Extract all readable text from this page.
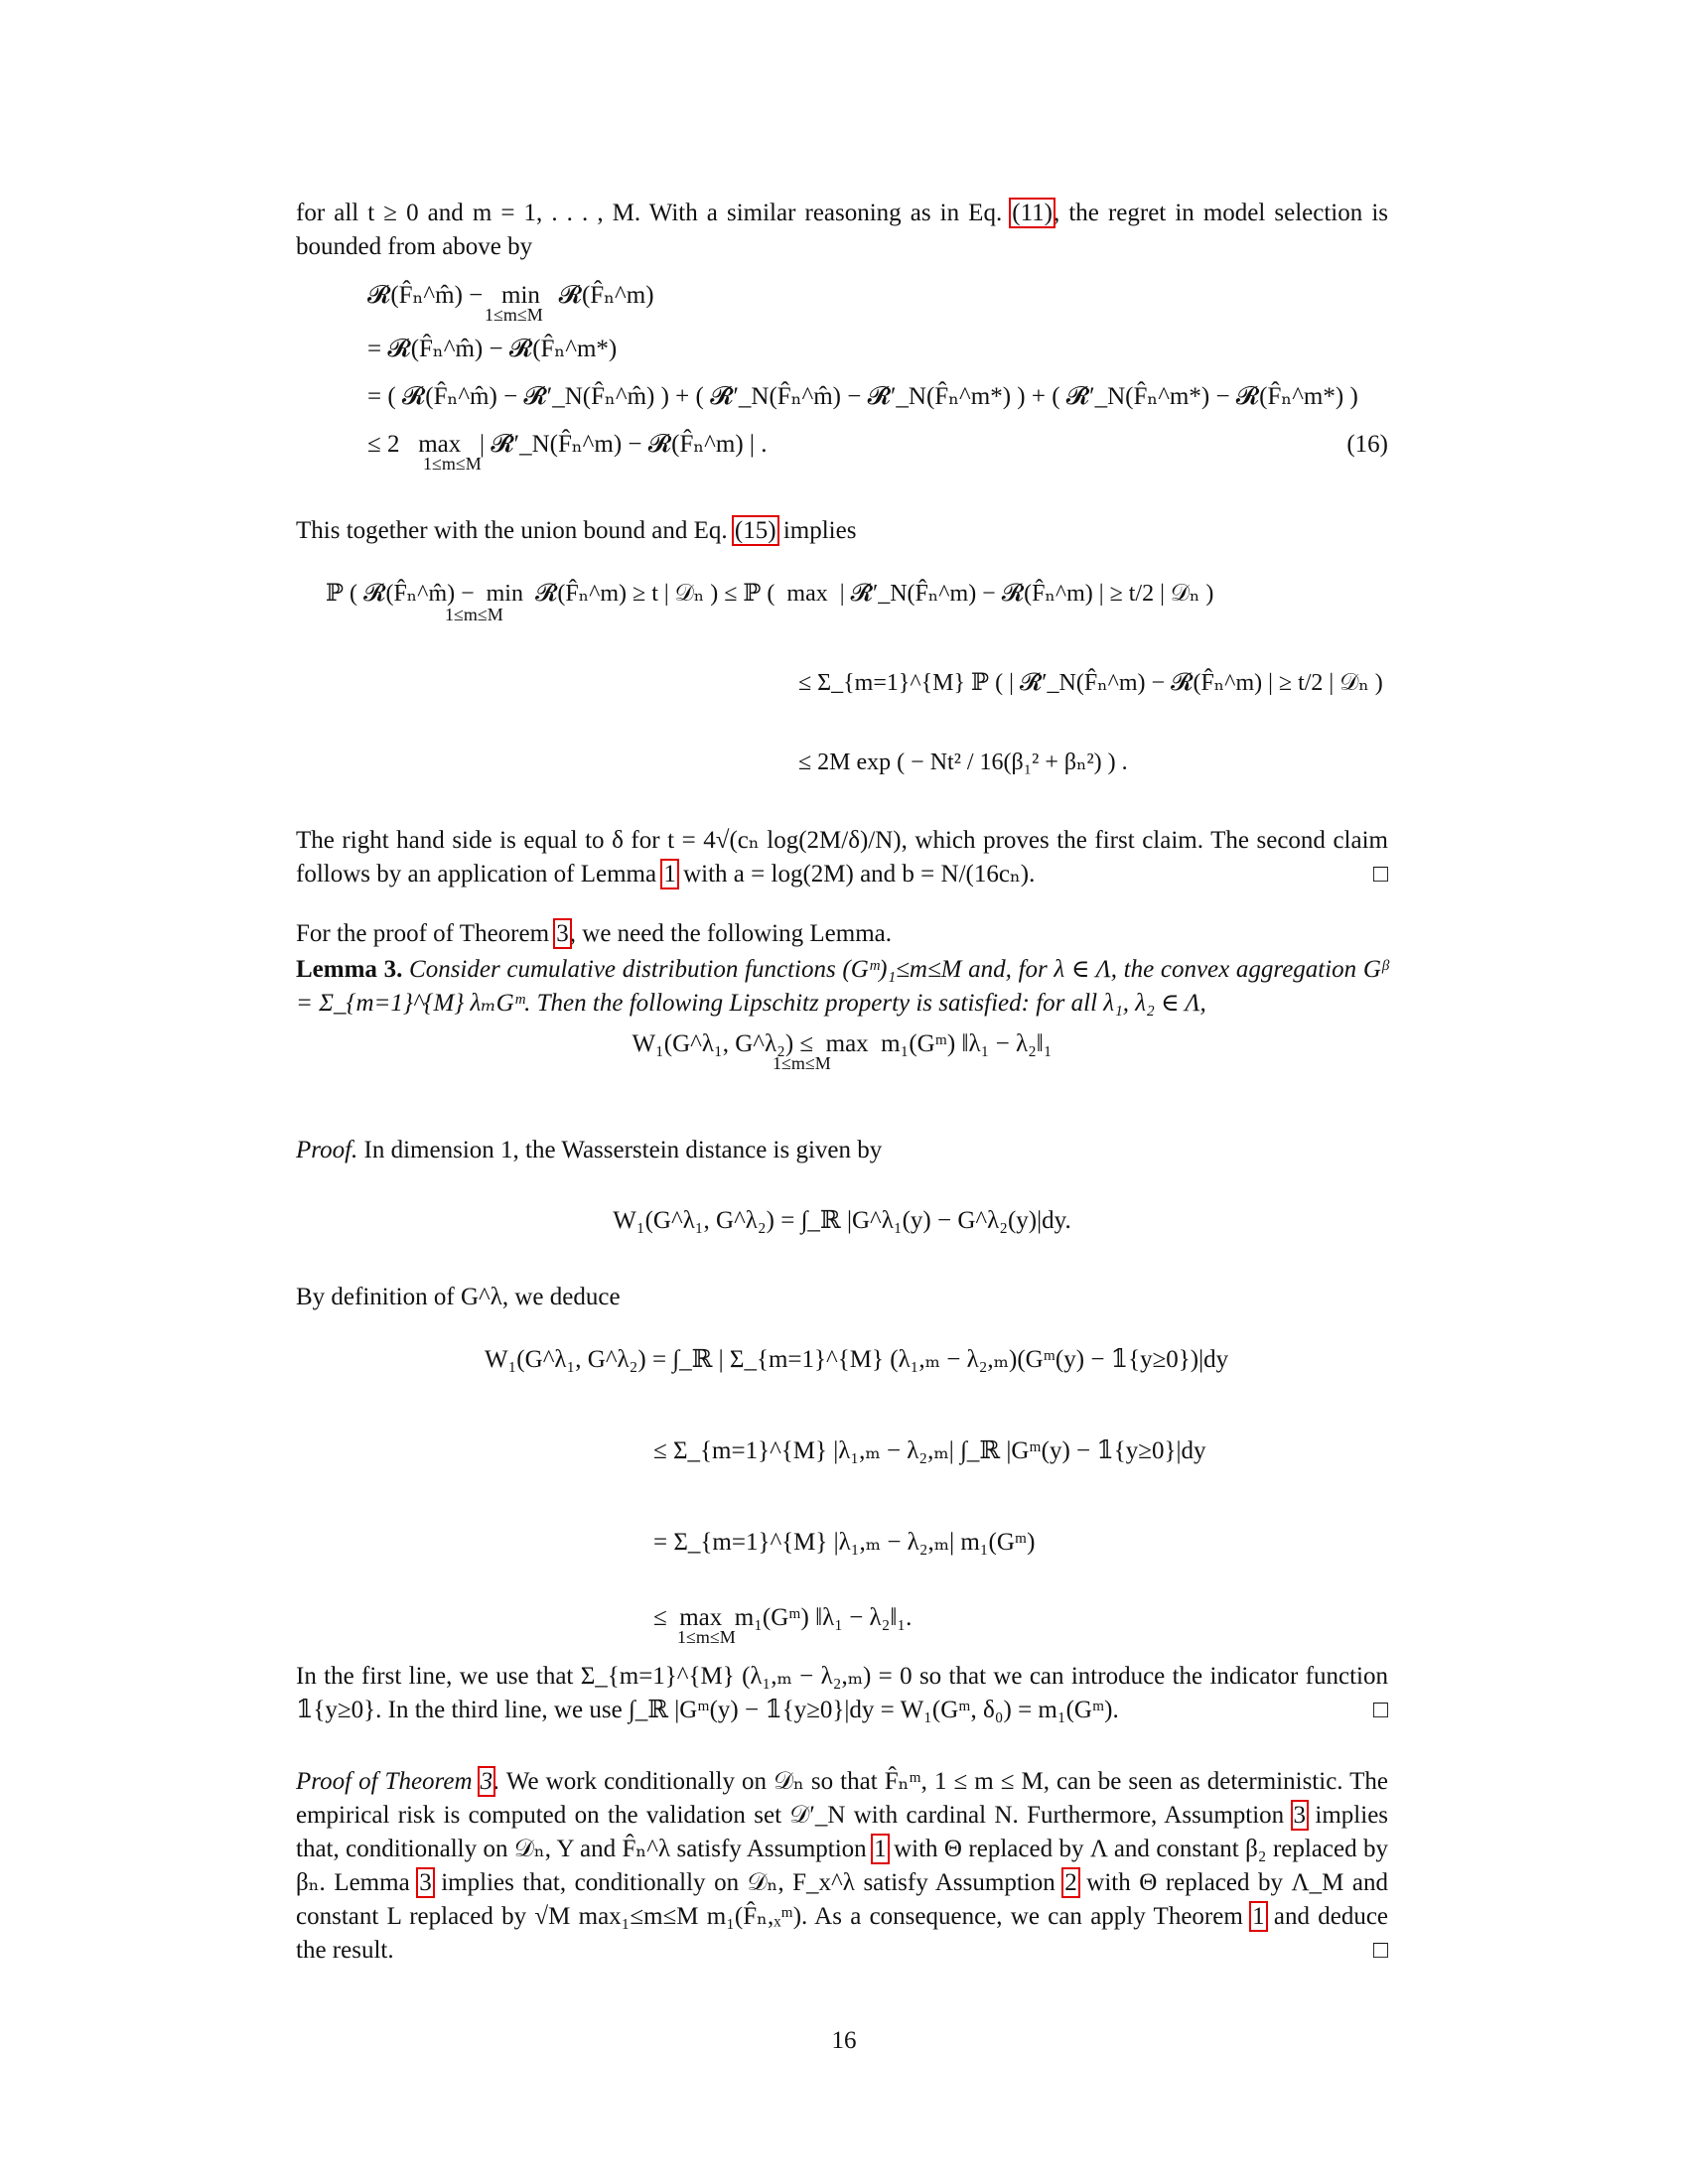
for all t ≥ 0 and m = 1, . . . , M. With a similar reasoning as in Eq. (11), the regret in model selection is bounded from above by

𝓡(F̂ₙ^m̂) −   min   𝓡(F̂ₙ^m)
1≤m≤M
= 𝓡(F̂ₙ^m̂) − 𝓡(F̂ₙ^m*)
= ( 𝓡(F̂ₙ^m̂) − 𝓡̂′_N(F̂ₙ^m̂) ) + ( 𝓡̂′_N(F̂ₙ^m̂) − 𝓡̂′_N(F̂ₙ^m*) ) + ( 𝓡̂′_N(F̂ₙ^m*) − 𝓡(F̂ₙ^m*) )
≤ 2   max   | 𝓡̂′_N(F̂ₙ^m) − 𝓡(F̂ₙ^m) | .	(16)
1≤m≤M

This together with the union bound and Eq. (15) implies

ℙ ( 𝓡(F̂ₙ^m̂) −  min  𝓡(F̂ₙ^m) ≥ t | 𝒟ₙ ) ≤ ℙ (  max  | 𝓡̂′_N(F̂ₙ^m) − 𝓡(F̂ₙ^m) | ≥ t/2 | 𝒟ₙ )
1≤m≤M
≤ Σ_{m=1}^{M} ℙ ( | 𝓡̂′_N(F̂ₙ^m) − 𝓡(F̂ₙ^m) | ≥ t/2 | 𝒟ₙ )
≤ 2M exp ( − Nt² / 16(β₁² + βₙ²) ) .

The right hand side is equal to δ for t = 4√(cₙ log(2M/δ)/N), which proves the first claim. The second claim follows by an application of Lemma 1 with a = log(2M) and b = N/(16cₙ).	□

For the proof of Theorem 3, we need the following Lemma.

Lemma 3. Consider cumulative distribution functions (Gᵐ)₁≤m≤M and, for λ ∈ Λ, the convex aggregation Gᵝ = Σ_{m=1}^{M} λₘGᵐ. Then the following Lipschitz property is satisfied: for all λ₁, λ₂ ∈ Λ,

W₁(G^λ₁, G^λ₂) ≤  max  m₁(Gᵐ) ‖λ₁ − λ₂‖₁
1≤m≤M

Proof. In dimension 1, the Wasserstein distance is given by

W₁(G^λ₁, G^λ₂) = ∫_ℝ |G^λ₁(y) − G^λ₂(y)|dy.

By definition of G^λ, we deduce

W₁(G^λ₁, G^λ₂) = ∫_ℝ | Σ_{m=1}^{M} (λ₁,ₘ − λ₂,ₘ)(Gᵐ(y) − 𝟙{y≥0})|dy
≤ Σ_{m=1}^{M} |λ₁,ₘ − λ₂,ₘ| ∫_ℝ |Gᵐ(y) − 𝟙{y≥0}|dy
= Σ_{m=1}^{M} |λ₁,ₘ − λ₂,ₘ| m₁(Gᵐ)
≤  max  m₁(Gᵐ) ‖λ₁ − λ₂‖₁.
1≤m≤M

In the first line, we use that Σ_{m=1}^{M} (λ₁,ₘ − λ₂,ₘ) = 0 so that we can introduce the indicator function 𝟙{y≥0}. In the third line, we use ∫_ℝ |Gᵐ(y) − 𝟙{y≥0}|dy = W₁(Gᵐ, δ₀) = m₁(Gᵐ).	□

Proof of Theorem 3. We work conditionally on 𝒟ₙ so that F̂ₙᵐ, 1 ≤ m ≤ M, can be seen as deterministic. The empirical risk is computed on the validation set 𝒟′_N with cardinal N. Furthermore, Assumption 3 implies that, conditionally on 𝒟ₙ, Y and F̂ₙ^λ satisfy Assumption 1 with Θ replaced by Λ and constant β₂ replaced by βₙ. Lemma 3 implies that, conditionally on 𝒟ₙ, F_x^λ satisfy Assumption 2 with Θ replaced by Λ_M and constant L replaced by √M max₁≤m≤M m₁(F̂ₙ,ₓᵐ). As a consequence, we can apply Theorem 1 and deduce the result.	□

16
